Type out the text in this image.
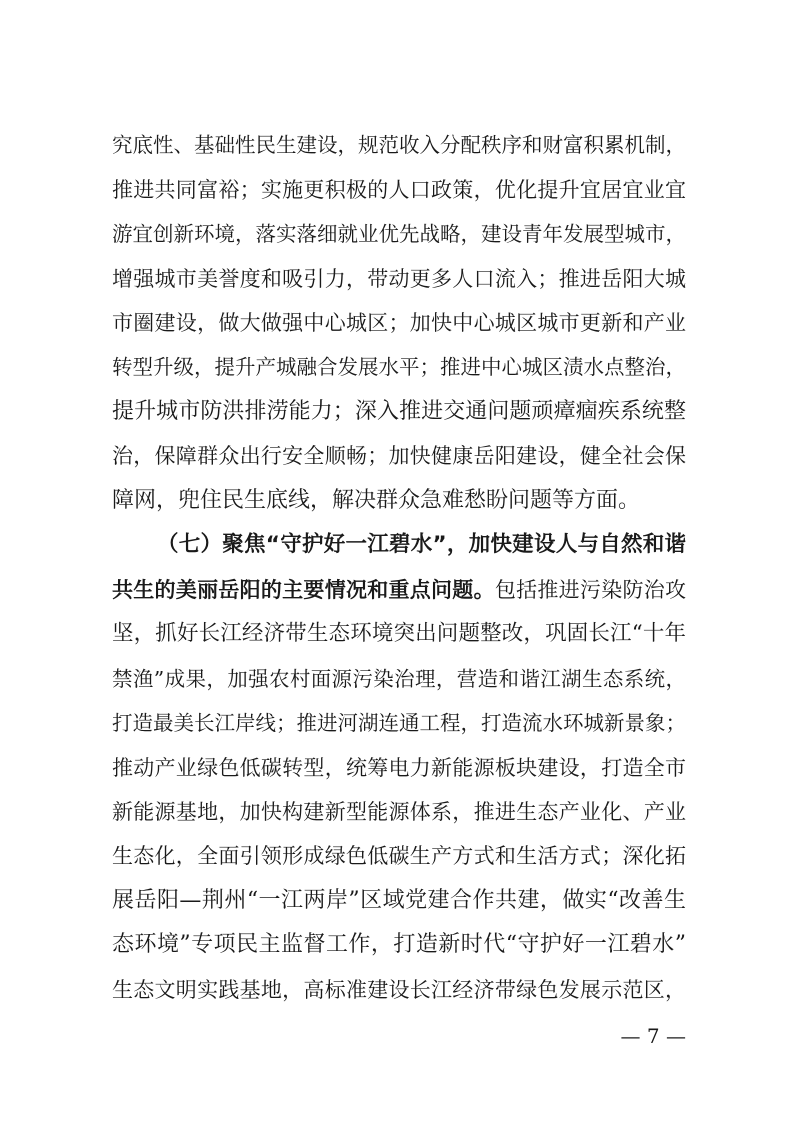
究底性、基础性民生建设，规范收入分配秩序和财富积累机制，
推进共同富裕；实施更积极的人口政策，优化提升宜居宜业宜
游宜创新环境，落实落细就业优先战略，建设青年发展型城市，
增强城市美誉度和吸引力，带动更多人口流入；推进岳阳大城
市圈建设，做大做强中心城区；加快中心城区城市更新和产业
转型升级，提升产城融合发展水平；推进中心城区渍水点整治，
提升城市防洪排涝能力；深入推进交通问题顽瘴痼疾系统整
治，保障群众出行安全顺畅；加快健康岳阳建设，健全社会保
障网，兜住民生底线，解决群众急难愁盼问题等方面。
（七）聚焦“守护好一江碧水”，加快建设人与自然和谐
共生的美丽岳阳的主要情况和重点问题。包括推进污染防治攻
坚，抓好长江经济带生态环境突出问题整改，巩固长江“十年
禁渔”成果，加强农村面源污染治理，营造和谐江湖生态系统，
打造最美长江岸线；推进河湖连通工程，打造流水环城新景象；
推动产业绿色低碳转型，统筹电力新能源板块建设，打造全市
新能源基地，加快构建新型能源体系，推进生态产业化、产业
生态化，全面引领形成绿色低碳生产方式和生活方式；深化拓
展岳阳—荆州“一江两岸”区域党建合作共建，做实“改善生
态环境”专项民主监督工作，打造新时代“守护好一江碧水”
生态文明实践基地，高标准建设长江经济带绿色发展示范区，
— 7 —
